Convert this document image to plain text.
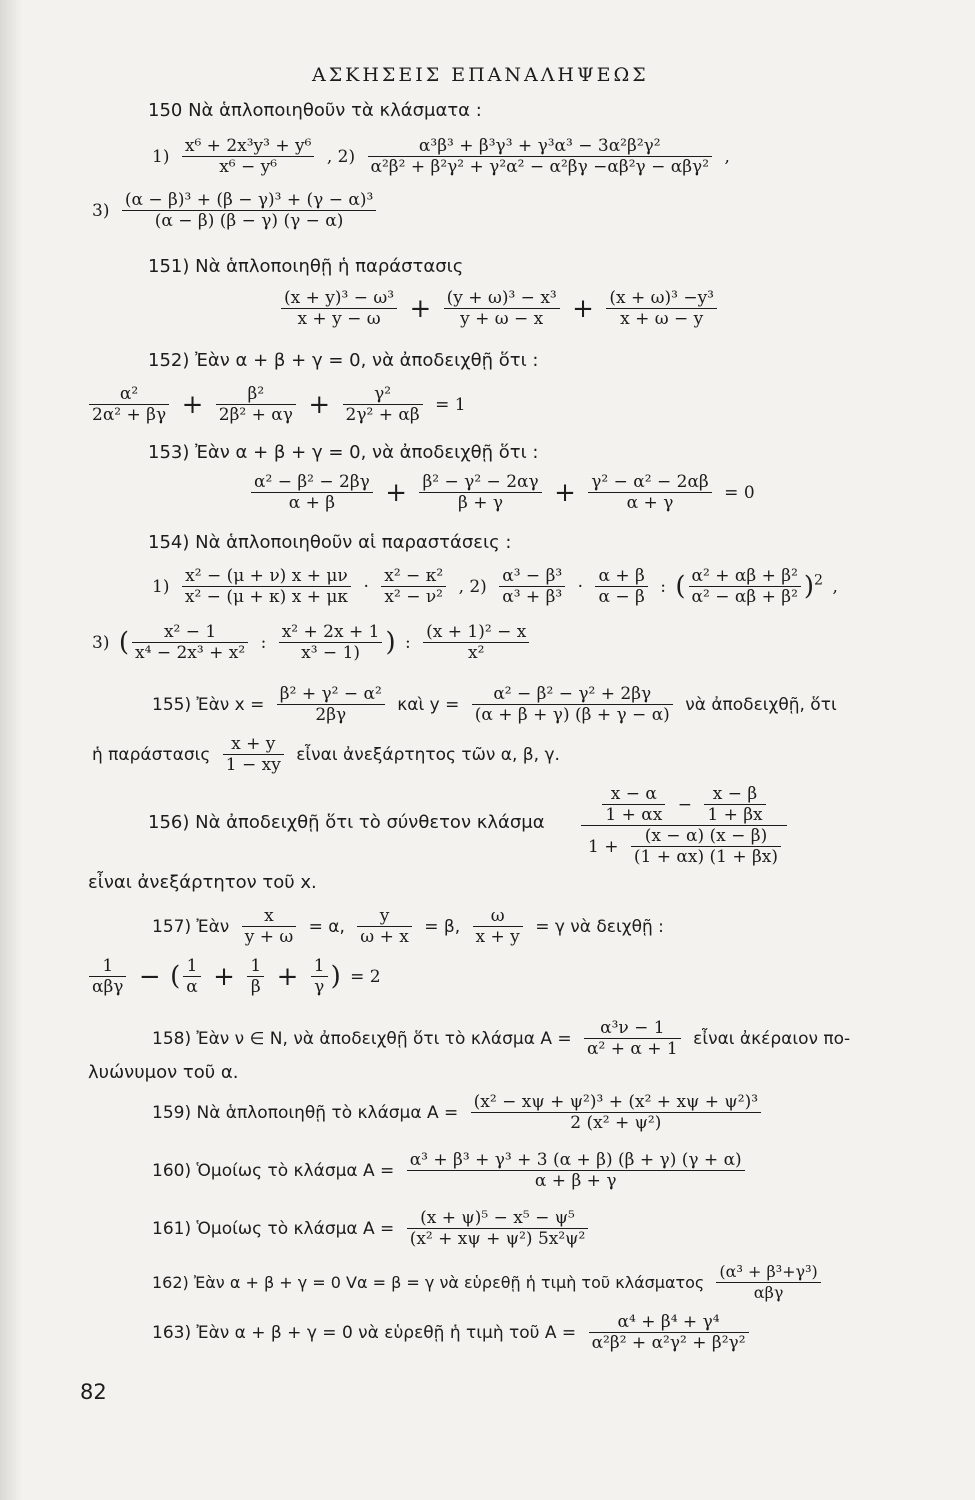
ΑΣΚΗΣΕΙΣ ΕΠΑΝΑΛΗΨΕΩΣ
150 Νὰ ἁπλοποιηθοῦν τὰ κλάσματα :
$1) \frac{\text{x⁶ + 2x³y³ + y⁶}}{\text{x⁶ − y⁶}}$ , $2) \frac{\text{α³β³ + β³γ³ + γ³α³ − 3α²β²γ²}}{\text{α²β² + β²γ² + γ²α² − α²βγ −αβ²γ − αβγ²}}$ ,
$3) \frac{\text{(α − β)³ + (β − γ)³ + (γ − α)³}}{(\alpha - \beta) (\beta - \gamma) (\gamma - \alpha)}$
151) Νὰ ἁπλοποιηθῇ ἡ παράστασις
$\frac{\text{(x + y)³ − ω³}}{x + y - \omega} + \frac{\text{(y + ω)³ − x³}}{y + \omega - x} + \frac{\text{(x + ω)³ −y³}}{x + \omega - y}$
152) Ἐὰν α + β + γ = 0, νὰ ἀποδειχθῇ ὅτι :
$\frac{\text{α²}}{\text{2α² + βγ}} + \frac{\text{β²}}{\text{2β² + αγ}} + \frac{\text{γ²}}{\text{2γ² + αβ}} = 1$
153) Ἐὰν α + β + γ = 0, νὰ ἀποδειχθῇ ὅτι :
$\frac{\text{α² − β² − 2βγ}}{\alpha + \beta} + \frac{\text{β² − γ² − 2αγ}}{\beta + \gamma} + \frac{\text{γ² − α² − 2αβ}}{\alpha + \gamma} = 0$
154) Νὰ ἁπλοποιηθοῦν αἱ παραστάσεις :
$1) \frac{\text{x² − (μ + ν) x + μν}}{\text{x² − (μ + κ) x + μκ}} \cdot \frac{\text{x² − κ²}}{\text{x² − ν²}}$ , $2) \frac{\text{α³ − β³}}{\text{α³ + β³}} \cdot \frac{\alpha + \beta}{\alpha - \beta}$ : ( $\frac{\text{α² + αβ + β²}}{\text{α² − αβ + β²}} )^2$ ,
3) ( $\frac{\text{x² − 1}}{\text{x⁴ − 2x³ + x²}}$ : $\frac{\text{x² + 2x + 1}}{\text{x³ − 1)}}$ ) : $\frac{\text{(x + 1)² − x}}{\text{x²}}$
155) Ἐὰν $x = \frac{\text{β² + γ² − α²}}{2\beta\gamma}$ καὶ $y = \frac{\text{α² − β² − γ² + 2βγ}}{(\alpha + \beta + \gamma) (\beta + \gamma - \alpha)}$ νὰ ἀποδειχθῇ, ὅτι
ἡ παράστασις $\frac{x + y}{1 - xy}$ εἶναι ἀνεξάρτητος τῶν α, β, γ.
156) Νὰ ἀποδειχθῇ ὅτι τὸ σύνθετον κλάσμα $\frac{\frac{x - \alpha}{1 + \alpha x} - \frac{x - \beta}{1 + \beta x}}{1 + \frac{(x - \alpha) (x - \beta)}{(1 + \alpha x) (1 + \beta x)}}$
εἶναι ἀνεξάρτητον τοῦ x.
157) Ἐὰν $\frac{x}{y + \omega} = \alpha$, $\frac{y}{\omega + x} = \beta$, $\frac{\omega}{x + y} = \gamma$ νὰ δειχθῇ :
$\frac{1}{\text{αβγ}}$ − ( $\frac{1}{\alpha} + \frac{1}{\beta} + \frac{1}{\gamma}$ ) = 2
158) Ἐὰν ν ∈ N, νὰ ἀποδειχθῇ ὅτι τὸ κλάσμα $A = \frac{\text{α³ν − 1}}{\text{α² + α + 1}}$ εἶναι ἀκέραιον πο-
λυώνυμον τοῦ α.
159) Νὰ ἁπλοποιηθῇ τὸ κλάσμα $A = \frac{\text{(x² − xψ + ψ²)³ + (x² + xψ + ψ²)³}}{\text{2 (x² + ψ²)}}$
160) Ὁμοίως τὸ κλάσμα $A = \frac{\text{α³ + β³ + γ³ + 3 (α + β) (β + γ) (γ + α)}}{\alpha + \beta + \gamma}$
161) Ὁμοίως τὸ κλάσμα $A = \frac{\text{(x + ψ)⁵ − x⁵ − ψ⁵}}{\text{(x² + xψ + ψ²) 5x²ψ²}}$
162) Ἐὰν α + β + γ = 0 Vα = β = γ νὰ εὑρεθῇ ἡ τιμὴ τοῦ κλάσματος $\frac{\text{(α³ + β³+γ³)}}{\text{αβγ}}$
163) Ἐὰν α + β + γ = 0 νὰ εὑρεθῇ ἡ τιμὴ τοῦ $A = \frac{\text{α⁴ + β⁴ + γ⁴}}{\text{α²β² + α²γ² + β²γ²}}$
82
